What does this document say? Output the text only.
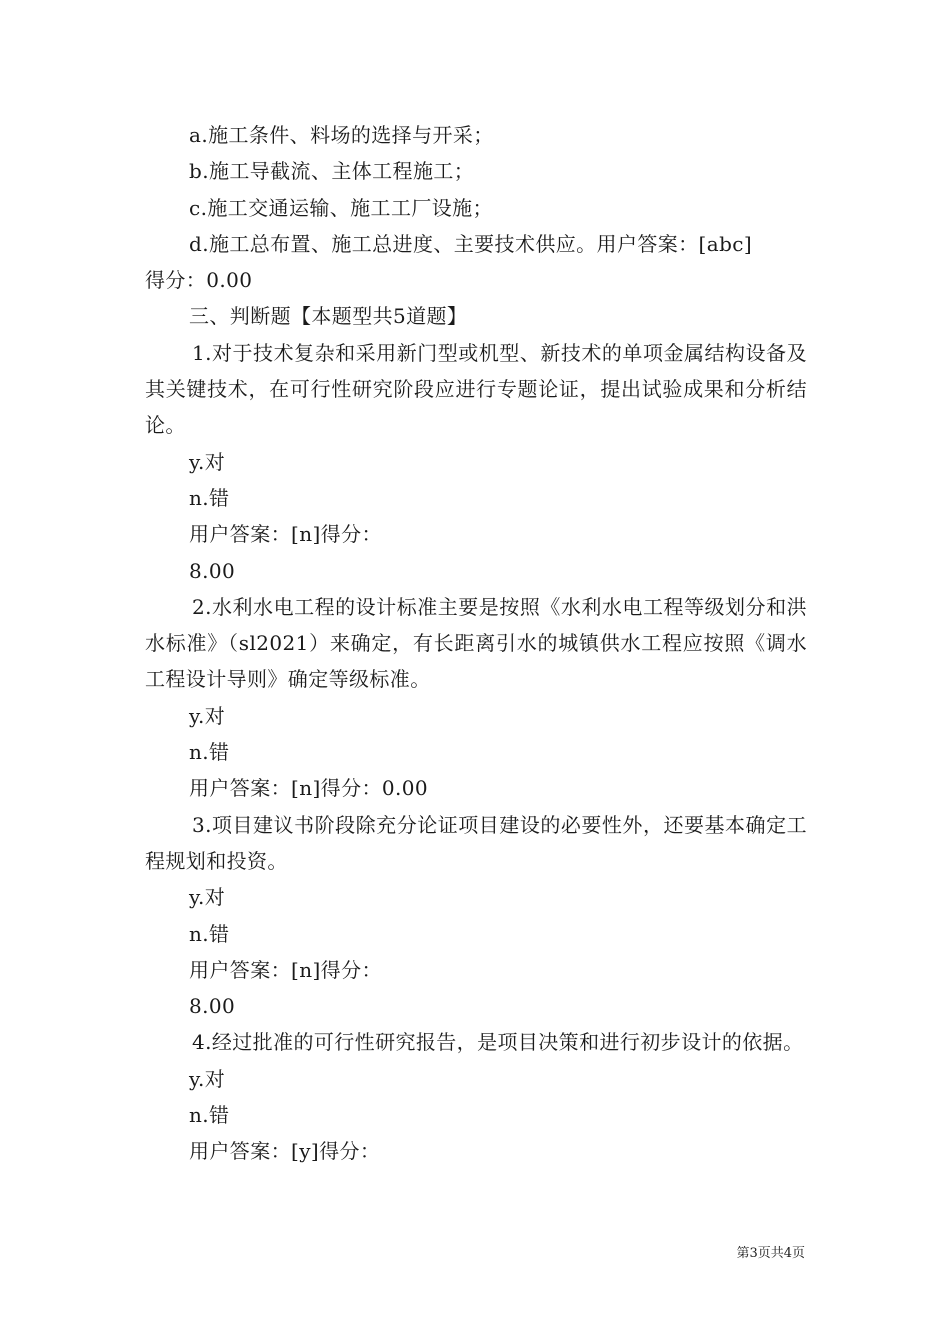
a.施工条件、料场的选择与开采；

b.施工导截流、主体工程施工；

c.施工交通运输、施工工厂设施；

d.施工总布置、施工总进度、主要技术供应。用户答案：[abc]

得分：0.00

三、判断题【本题型共5道题】

1.对于技术复杂和采用新门型或机型、新技术的单项金属结构设备及其关键技术，在可行性研究阶段应进行专题论证，提出试验成果和分析结论。

y.对

n.错

用户答案：[n]得分：

8.00

2.水利水电工程的设计标准主要是按照《水利水电工程等级划分和洪水标准》（sl2021）来确定，有长距离引水的城镇供水工程应按照《调水工程设计导则》确定等级标准。

y.对

n.错

用户答案：[n]得分：0.00

3.项目建议书阶段除充分论证项目建设的必要性外，还要基本确定工程规划和投资。

y.对

n.错

用户答案：[n]得分：

8.00

4.经过批准的可行性研究报告，是项目决策和进行初步设计的依据。

y.对

n.错

用户答案：[y]得分：

第3页共4页
